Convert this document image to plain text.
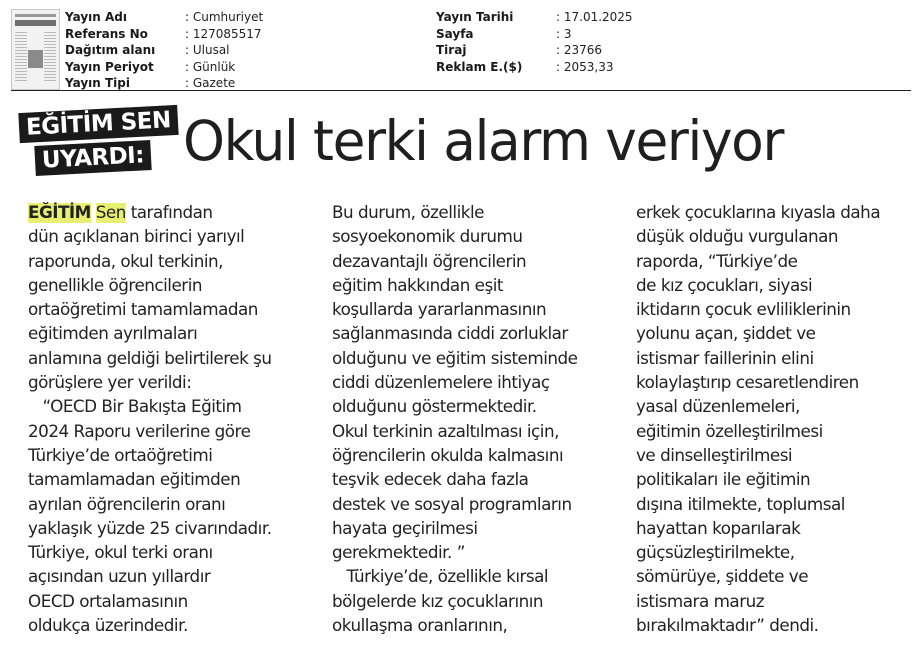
Yayın Adı	: Cumhuriyet
Referans No	: 127085517
Dağıtım alanı	: Ulusal
Yayın Periyot	: Günlük
Yayın Tipi	: Gazete
Yayın Tarihi	: 17.01.2025
Sayfa	: 3
Tiraj	: 23766
Reklam E.($)	: 2053,33
EĞİTİM SEN
UYARDI: Okul terki alarm veriyor
EĞİTİM Sen tarafından
dün açıklanan birinci yarıyıl
raporunda, okul terkinin,
genellikle öğrencilerin
ortaöğretimi tamamlamadan
eğitimden ayrılmaları
anlamına geldiği belirtilerek şu
görüşlere yer verildi:
“OECD Bir Bakışta Eğitim
2024 Raporu verilerine göre
Türkiye’de ortaöğretimi
tamamlamadan eğitimden
ayrılan öğrencilerin oranı
yaklaşık yüzde 25 civarındadır.
Türkiye, okul terki oranı
açısından uzun yıllardır
OECD ortalamasının
oldukça üzerindedir.
Bu durum, özellikle
sosyoekonomik durumu
dezavantajlı öğrencilerin
eğitim hakkından eşit
koşullarda yararlanmasının
sağlanmasında ciddi zorluklar
olduğunu ve eğitim sisteminde
ciddi düzenlemelere ihtiyaç
olduğunu göstermektedir.
Okul terkinin azaltılması için,
öğrencilerin okulda kalmasını
teşvik edecek daha fazla
destek ve sosyal programların
hayata geçirilmesi
gerekmektedir. ”
Türkiye’de, özellikle kırsal
bölgelerde kız çocuklarının
okullaşma oranlarının,
erkek çocuklarına kıyasla daha
düşük olduğu vurgulanan
raporda, “Türkiye’de
de kız çocukları, siyasi
iktidarın çocuk evliliklerinin
yolunu açan, şiddet ve
istismar faillerinin elini
kolaylaştırıp cesaretlendiren
yasal düzenlemeleri,
eğitimin özelleştirilmesi
ve dinselleştirilmesi
politikaları ile eğitimin
dışına itilmekte, toplumsal
hayattan koparılarak
güçsüzleştirilmekte,
sömürüye, şiddete ve
istismara maruz
bırakılmaktadır” dendi.
